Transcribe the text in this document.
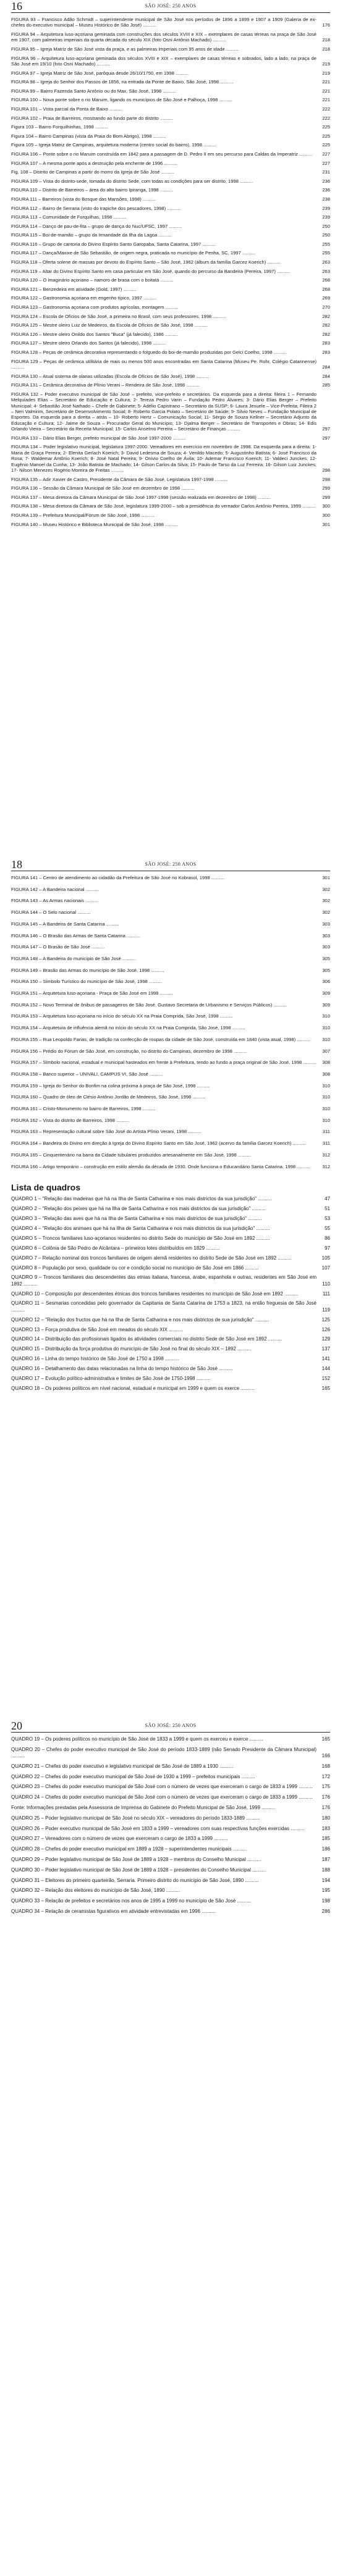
16	SÃO JOSÉ: 250 ANOS
FIGURA 93 – Francisco Adão Schmidt – superintendente municipal de São José nos períodos de 1896 a 1899 e 1907 a 1909 (Galeria de ex-chefes do executivo municipal – Museu Histórico de São José) ..........	176
FIGURA 94 – Arquitetura luso-açoriana geminada com construções dos séculos XVIII e XIX – exemplares de casas térreas na praça de São José em 1907, com palmeiras imperiais da quarta década do século XIX (foto Osni Antônio Machado) ..........	218
FIGURA 95 – Igreja Matriz de São José vista da praça, e as palmeiras imperiais com 95 anos de idade ..........	218
FIGURA 96 – Arquitetura luso-açoriana geminada dos séculos XVIII e XIX – exemplares de casas térreas e sobrados, lado a lado, na praça de São José em 19/10 (foto Osni Machado) ..........	219
FIGURA 97 – Igreja Matriz de São José, parôquia desde 26/10/1750, em 1998 ..........	219
FIGURA 98 – Igreja do Senhor dos Passos de 1856, na entrada da Ponte de Baixo, São José, 1998 ..........	221
FIGURA 99 – Bairro Fazenda Santo Antônio ou do Max, São José, 1998 ..........	221
FIGURA 100 – Nova ponte sobre o rio Maruim, ligando os municípios de São José e Palhoça, 1998 ..........	221
FIGURA 101 – Vista parcial da Ponta de Baixo ..........	222
FIGURA 102 – Praia de Barreiros, mostrando ao fundo parte do distrito ..........	222
Figura 103 – Bairro Forquilhinhas, 1998 ..........	225
Figura 104 – Bairro Campinas (vista da Praia do Bom Abrigo), 1998 ..........	225
Figura 105 – Igreja Matriz de Campinas, arquitetura moderna (centro social do bairro), 1998 ..........	225
FIGURA 106 – Ponte sobre o rio Maruim construída em 1842 para a passagem de D. Pedro II em seu percurso para Caldas da Imperatriz ..........	227
FIGURA 107 – A mesma ponte após a destruição pela enchente de 1996 ..........	227
Fig. 108 – Distrito de Campinas a partir do morro da Igreja de São José ..........	231
FIGURA 109 – Vista do distrito-sede, tomada do distrito Sede, com todas as condições para ser distrito, 1998 ..........	236
FIGURA 110 – Distrito de Barreiros – área do alto bairro Ipiranga, 1998 ..........	236
FIGURA 111 – Barreiros (vista do Bosque das Mansões, 1998) ..........	238
FIGURA 112 – Bairro de Serraria (visto do trapiche dos pescadores, 1998) ..........	239
FIGURA 113 – Comunidade de Forquilhas, 1998 ..........	239
FIGURA 114 – Danço de pau-de-fita – grupo de dança do Nuc/UFSC, 1997 ..........	250
FIGURA 115 – Boi-de-mamão – grupo da Irmandade da Ilha da Lagoa ..........	250
FIGURA 116 – Grupo de cantoria do Divino Espírito Santo Garopaba, Santa Catarina, 1997 ..........	255
FIGURA 117 – Dança/Maxixe de São Sebastião, de origem negra, praticada no município de Penha, SC, 1997 ..........	255
FIGURA 118 – Oferta solene de massas por devoto do Espírito Santo – São José, 1962 (álbum da família Garcez Koerich) ..........	263
FIGURA 119 – Altar do Divino Espírito Santo em casa particular em São José, quando do percurso da Bandeira (Pereira, 1997) ..........	263
FIGURA 120 – O imaginário açoriano – namoro de brasa com o boitatá ..........	268
FIGURA 121 – Benzedeira em atividade (Gold, 1997) ..........	268
FIGURA 122 – Gastronomia açoriana em engenho típico, 1997 ..........	269
FIGURA 123 – Gastronomia açoriana com produtos agrícolas, montagem ..........	270
FIGURA 124 – Escola de Ofícios de São José, a primeira no Brasil, com seus professores, 1998 ..........	282
FIGURA 125 – Mestre oleiro Luiz de Medeiros, da Escola de Ofícios de São José, 1998 ..........	282
FIGURA 126 – Mestre oleiro Onildo dos Santos "Buca" (já falecido), 1986 ..........	282
FIGURA 127 – Mestre oleiro Orlando dos Santos (já falecido), 1998 ..........	283
FIGURA 128 – Peças de cerâmica decorativa representando o folguedo do boi-de-mamão produzidas por Gelci Coelho, 1998 ..........	283
FIGURA 129 – Peças de cerâmica utilitária de mais ou menos 500 anos encontradas em Santa Catarina (Museu Pe. Rohr, Colégio Catarinense) ..........	284
FIGURA 130 – Atual sistema de olarias utilizadas (Escola de Ofícios de São José), 1998 ..........	284
FIGURA 131 – Cerâmica decorativa de Plínio Verani – Rendeira de São José, 1998 ..........	285
FIGURA 132 – Poder executivo municipal de São José – prefeito, vice-prefeito e secretários. Da esquerda para a direita: fileira 1 – Fernando Melquíades Elias – Secretário de Educação e Cultura; 2- Tereza Pedro Varin – Fundação Pedro Álvares; 3- Dário Elias Berger – Prefeito Municipal; 4- Sebastião José Nathado – Chefe de Gabinete; 5- Adélio Capistrano – Secretário da SUSP; 6- Laura Jesuele – Vice-Prefeita; Fileira 2 – Neri Valmirim, Secretário de Desenvolvimento Social; 8- Roberto Garcia Polato – Secretário de Saúde; 9- Silvio Neves – Fundação Municipal de Esportes. Da esquerda para a direita – atrás – 10- Roberto Hertz – Comunicação Social; 11- Sérgio de Souza Kellner – Secretário Adjunto da Educação e Cultura; 12- Jaime de Souza – Procurador Geral do Município; 13- Djalma Berger – Secretário de Transportes e Obras; 14- Edis Orlando Vieira – Secretário da Receita Municipal; 15- Carlos Anselmo Pereira – Secretário de Finanças ..........	297
FIGURA 133 – Dário Elias Berger, prefeito municipal de São José 1997-2000 ..........	297
FIGURA 134 – Poder legislativo municipal, legislatura 1997-2000. Vereadores em exercício em novembro de 1998. Da esquerda para a direita: 1- Maria de Graça Pereira; 2- Elenita Gerlach Koerich; 3- David Ledesma de Souza; 4- Venildo Macedo; 5- Augustinho Batista; 6- José Francisco da Rosa; 7- Waldemar Antônio Koerich; 8- José Natal Pereira; 9- Onivio Coelho de Ávila; 10- Ademar Francisco Koerich; 11- Valdeci Junckes; 12- Eugênio Manoel da Cunha; 13- João Batista de Machado; 14- Gilson Carlos da Silva; 15- Paulo de Tarso da Luz Ferreira; 16- Gilson Luiz Junckes; 17- Nilson Menezes Rogério Moreira de Freitas ..........	298
FIGURA 135 – Adir Xavier de Castro, Presidente da Câmara de São José, Legislatura 1997-1998 ..........	298
FIGURA 136 – Sessão da Câmara Municipal de São José em dezembro de 1998 ..........	299
FIGURA 137 – Mesa diretora da Câmara Municipal de São José 1997-1998 (sessão realizada em dezembro de 1998) ..........	299
FIGURA 138 – Mesa diretora da Câmara de São José, legislatura 1999-2000 – sob a presidência do vereador Carlos Antônio Pereira, 1999 ..........	300
FIGURA 139 – Prefeitura Municipal/Fórum de São José, 1998 ..........	300
FIGURA 140 – Museu Histórico e Biblioteca Municipal de São José, 1998 ..........	301
18	SÃO JOSÉ: 250 ANOS
FIGURA 141 – Centro de atendimento ao cidadão da Prefeitura de São José no Kobrasol, 1998 ..........	301
FIGURA 142 – A Bandeira nacional ..........	302
FIGURA 143 – As Armas nacionais ..........	302
FIGURA 144 – O Selo nacional ..........	302
FIGURA 145 – A Bandeira de Santa Catarina ..........	303
FIGURA 146 – O Brasão das Armas de Santa Catarina ..........	303
FIGURA 147 – O Brasão de São José ..........	303
FIGURA 148 – A Bandeira do município de São José ..........	305
FIGURA 149 – Brasão das Armas do município de São José, 1998 ..........	305
FIGURA 150 – Símbolo Turístico do município de São José, 1998 ..........	306
FIGURA 151 – Arquitetura luso-açoriana - Praça de São José em 1998 ..........	309
FIGURA 152 – Novo Terminal de ônibus de passageiros de São José. Gustavo Secretaria de Urbanismo e Serviços Públicos) ..........	309
FIGURA 153 – Arquitetura luso-açoriana no início do século XX na Praia Comprida, São José, 1998 ..........	310
FIGURA 154 – Arquitetura de influência alemã no início do século XX na Praia Comprida, São José, 1998 ..........	310
FIGURA 155 – Rua Leopoldo Farias, de tradição na confecção de roupas da cidade de São José, construída em 1840 (vista atual, 1998) ..........	310
FIGURA 156 – Prédio do Fórum de São José, em construção, no distrito do Campinas, dezembro de 1998 ..........	307
FIGURA 157 – Símbolo nacional, estadual e municipal hasteados em frente à Prefeitura, tendo ao fundo a praça original de São José, 1998 ..........	308
FIGURA 158 – Banco superior – UNIVALI, CAMPUS VI, São José ..........	308
FIGURA 159 – Igreja do Senhor do Bonfim na colina próxima à praça de São José, 1998 ..........	310
FIGURA 160 – Quadro de óleo de Clésio Antônio Jordão de Medeiros, São José, 1998 ..........	310
FIGURA 161 – Cristo-Monumento no bairro de Barreiros, 1998 ..........	310
FIGURA 162 – Vista do distrito de Barreiros, 1998 ..........	310
FIGURA 163 – Representação cultural sobre São José do Artista Plínio Verani, 1998 ..........	311
FIGURA 164 – Bandeira do Divino em direção à Igreja do Divino Espírito Santo em São José, 1962 (acervo da família Garcez Koerich) ..........	311
FIGURA 165 – Cinquentenário na barra da Cidade tubulares produzidos artesanalmente em São José, 1998 ..........	312
FIGURA 166 – Artigo temporário – construção em estilo alemão da década de 1930. Onde funciona o Educandário Santa Catarina, 1998 ..........	312
Lista de quadros
QUADRO 1 – "Relação das madeiras que há na Ilha de Santa Catharina e nos mais districtos da sua jurisdição" ..........	47
QUADRO 2 – "Relação dos peixes que há na Ilha de Santa Catharina e nos mais districtos da sua jurisdição" ..........	51
QUADRO 3 – "Relação das aves que há na Ilha de Santa Catharina e nos mais districtos de sua jurisdição" ..........	53
QUADRO 4 – "Relação dos animaes que há na Ilha de Santa Catharina e nos mais districtos da sua jurisdição" ..........	55
QUADRO 5 – Troncos familiares luso-açorianos residentes no distrito Sede do município de São José em 1892 ..........	86
QUADRO 6 – Colônia de São Pedro de Alcântara – primeiros lotes distribuídos em 1829 ..........	97
QUADRO 7 – Relação nominal dos troncos familiares de origem alemã residentes no distrito Sede de São José em 1892 ..........	105
QUADRO 8 – População por sexo, qualidade ou cor e condição social no município de São José em 1866 ..........	107
QUADRO 9 – Troncos familiares das descendentes das etnias italiana, francesa, árabe, espanhola e outras, residentes em São José em 1892 ..........	110
QUADRO 10 – Composição por descendentes étnicas dos troncos familiares residentes no município de São José em 1892 ..........	111
QUADRO 11 – Sesmarias concedidas pelo governador da Capitania de Santa Catarina de 1753 a 1823, na então freguesia de São José ..........	119
QUADRO 12 – "Relação dos fructos que há na Ilha de Santa Catharina e nos mais districtos de sua jurisdição" ..........	125
QUADRO 13 – Força produtiva de São José em meados do século XIX ..........	126
QUADRO 14 – Distribuição das profissionais ligados às atividades comerciais no distrito Sede de São José em 1892 ..........	129
QUADRO 15 – Distribuição da força produtiva do município de São José no final do século XIX – 1892 ..........	137
QUADRO 16 – Linha do tempo histórico de São José de 1750 a 1998 ..........	141
QUADRO 16 – Detalhamento das datas relacionadas na linha do tempo histórico de São José ..........	144
QUADRO 17 – Evolução político-administrativa e limites de São José de 1750-1998 ..........	152
QUADRO 18 – Os poderes políticos em nível nacional, estadual e municipal em 1999 e quem os exerce ..........	165
20	SÃO JOSÉ: 250 ANOS
QUADRO 19 – Os poderes políticos no município de São José de 1833 a 1999 e quem os exerceu e exerce ..........	165
QUADRO 20 – Chefes do poder executivo municipal de São José do período 1833-1889 (não Senado Presidente da Câmara Municipal) ..........	166
QUADRO 21 – Chefes do poder executivo e legislativo municipal de São José de 1889 a 1930 ..........	168
QUADRO 22 – Chefes do poder executivo municipal de São José de 1930 a 1999 – prefeitos municipais ..........	172
QUADRO 23 – Chefes do poder executivo municipal de São José com o número de vezes que exerceram o cargo de 1833 a 1999 ..........	175
QUADRO 24 – Chefes do poder executivo municipal de São José com o número de vezes que exerceram o cargo de 1833 a 1999 ..........	176
Fonte: Informações prestadas pela Assessoria de Imprensa do Gabinete do Prefeito Municipal de São José, 1999 ..........	176
QUADRO 25 – Poder legislativo municipal de São José no século XIX – vereadores do período 1833-1889 ..........	180
QUADRO 26 – Poder executivo municipal de São José em 1833 a 1999 – vereadores com suas respectivas funções exercidas ..........	183
QUADRO 27 – Vereadores com o número de vezes que exerceram o cargo de 1833 a 1999 ..........	185
QUADRO 28 – Chefes do poder executivo municipal em 1889 a 1928 – superintendentes municipais ..........	186
QUADRO 29 – Poder legislativo municipal de São José de 1889 a 1928 – membros do Conselho Municipal ..........	187
QUADRO 30 – Poder legislativo municipal de São José de 1889 a 1928 – presidentes do Conselho Municipal ..........	188
QUADRO 31 – Eleitores do primeiro quarteirão, Serraria. Primeiro distrito do município de São José, 1890 ..........	194
QUADRO 32 – Relação dos eleitores do município de São José, 1890 ..........	195
QUADRO 33 – Relação de prefeitos e secretários nos anos de 1995 a 1999 no município de São José ..........	198
QUADRO 34 – Relação de ceramistas figurativos em atividade entrevistadas em 1996 ..........	286
